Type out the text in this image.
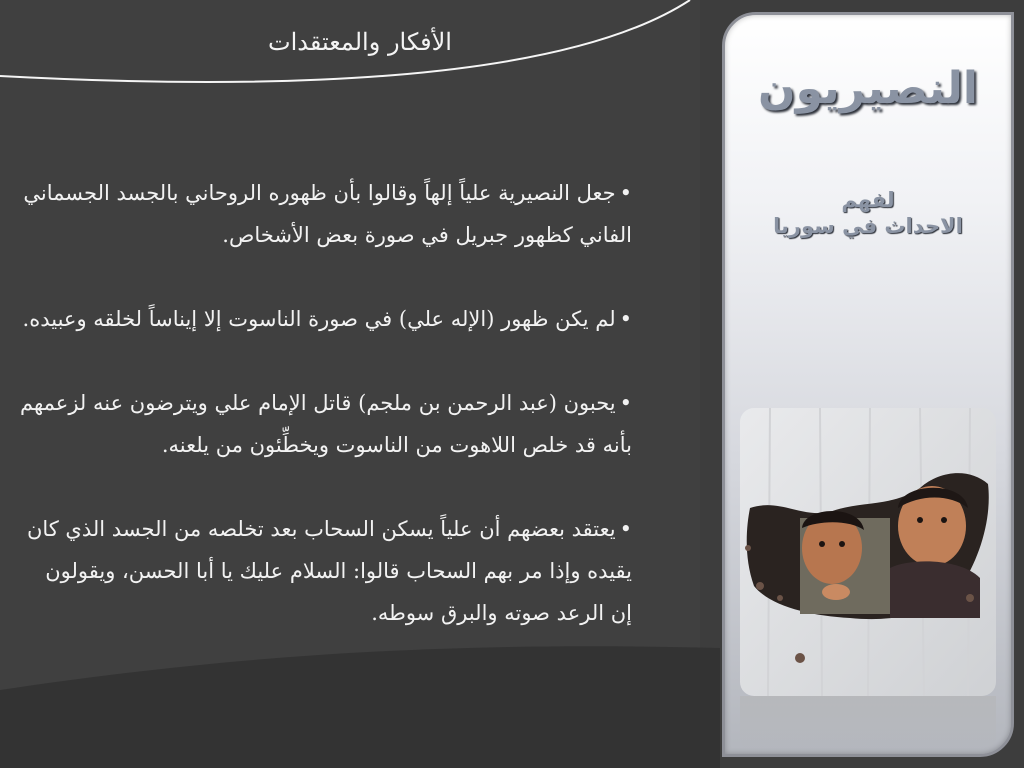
الأفكار والمعتقدات
•جعل النصيرية علياً إلهاً وقالوا بأن ظهوره الروحاني بالجسد الجسماني الفاني كظهور جبريل في صورة بعض الأشخاص.
•لم يكن ظهور (الإله علي) في صورة الناسوت إلا إيناساً لخلقه وعبيده.
•يحبون (عبد الرحمن بن ملجم) قاتل الإمام علي ويترضون عنه لزعمهم بأنه قد خلص اللاهوت من الناسوت ويخطِّئون من يلعنه.
•يعتقد بعضهم أن علياً يسكن السحاب بعد تخلصه من الجسد الذي كان يقيده وإذا مر بهم السحاب قالوا: السلام عليك يا أبا الحسن، ويقولون إن الرعد صوته والبرق سوطه.
النصيريون
لفهم
الاحداث في سوريا
